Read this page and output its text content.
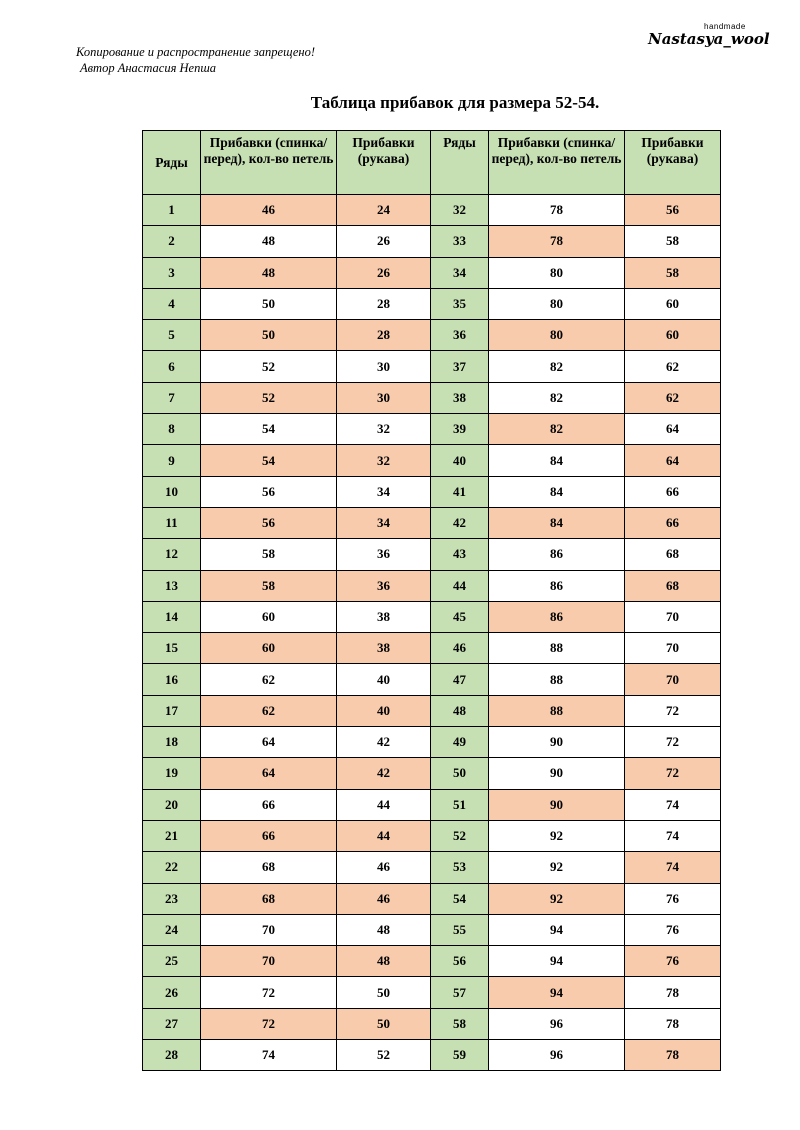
Копирование и распространение запрещено!
Автор Анастасия Непша
handmade
Nastasya_wool
Таблица прибавок для размера 52-54.
Ряды	Прибавки (спинка/перед), кол-во петель	Прибавки (рукава)	Ряды	Прибавки (спинка/перед), кол-во петель	Прибавки (рукава)
1	46	24	32	78	56
2	48	26	33	78	58
3	48	26	34	80	58
4	50	28	35	80	60
5	50	28	36	80	60
6	52	30	37	82	62
7	52	30	38	82	62
8	54	32	39	82	64
9	54	32	40	84	64
10	56	34	41	84	66
11	56	34	42	84	66
12	58	36	43	86	68
13	58	36	44	86	68
14	60	38	45	86	70
15	60	38	46	88	70
16	62	40	47	88	70
17	62	40	48	88	72
18	64	42	49	90	72
19	64	42	50	90	72
20	66	44	51	90	74
21	66	44	52	92	74
22	68	46	53	92	74
23	68	46	54	92	76
24	70	48	55	94	76
25	70	48	56	94	76
26	72	50	57	94	78
27	72	50	58	96	78
28	74	52	59	96	78
